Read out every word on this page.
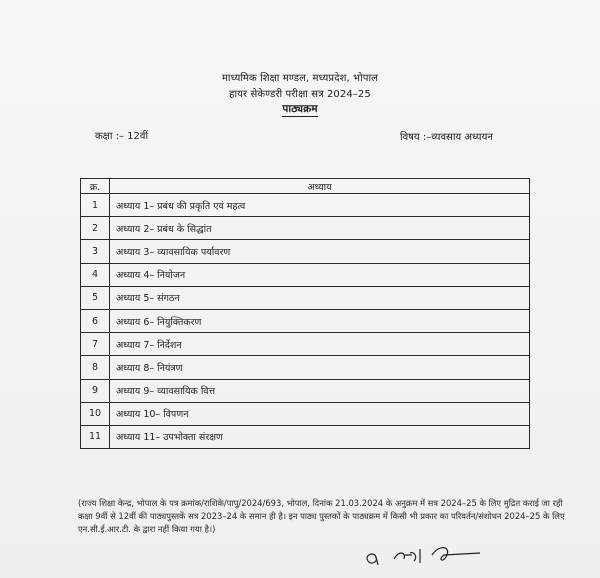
माध्यमिक शिक्षा मण्डल, मध्यप्रदेश, भोपाल
हायर सेकेण्डरी परीक्षा सत्र 2024–25
पाठ्यक्रम
कक्षा :– 12वीं	विषय :–व्यवसाय अध्ययन
क्र.	अध्याय
1	अध्याय 1– प्रबंध की प्रकृति एवं महत्व
2	अध्याय 2– प्रबंध के सिद्धांत
3	अध्याय 3– व्यावसायिक पर्यावरण
4	अध्याय 4– नियोजन
5	अध्याय 5– संगठन
6	अध्याय 6– नियुक्तिकरण
7	अध्याय 7– निर्देशन
8	अध्याय 8– नियंत्रण
9	अध्याय 9– व्यावसायिक वित्त
10	अध्याय 10– विपणन
11	अध्याय 11– उपभोक्ता संरक्षण
(राज्य शिक्षा केन्द्र, भोपाल के पत्र क्रमांक/राशिके/पापु/2024/693, भोपाल, दिनांक 21.03.2024 के अनुक्रम में सत्र 2024–25 के लिए मुद्रित कराई जा रही कक्षा 9वीं से 12वीं की पाठ्यपुस्तकें सत्र 2023–24 के समान ही है। इन पाठ्य पुस्तकों के पाठ्यक्रम में किसी भी प्रकार का परिवर्तन/संशोधन 2024–25 के लिए एन.सी.ई.आर.टी. के द्वारा नहीं किया गया है।)
